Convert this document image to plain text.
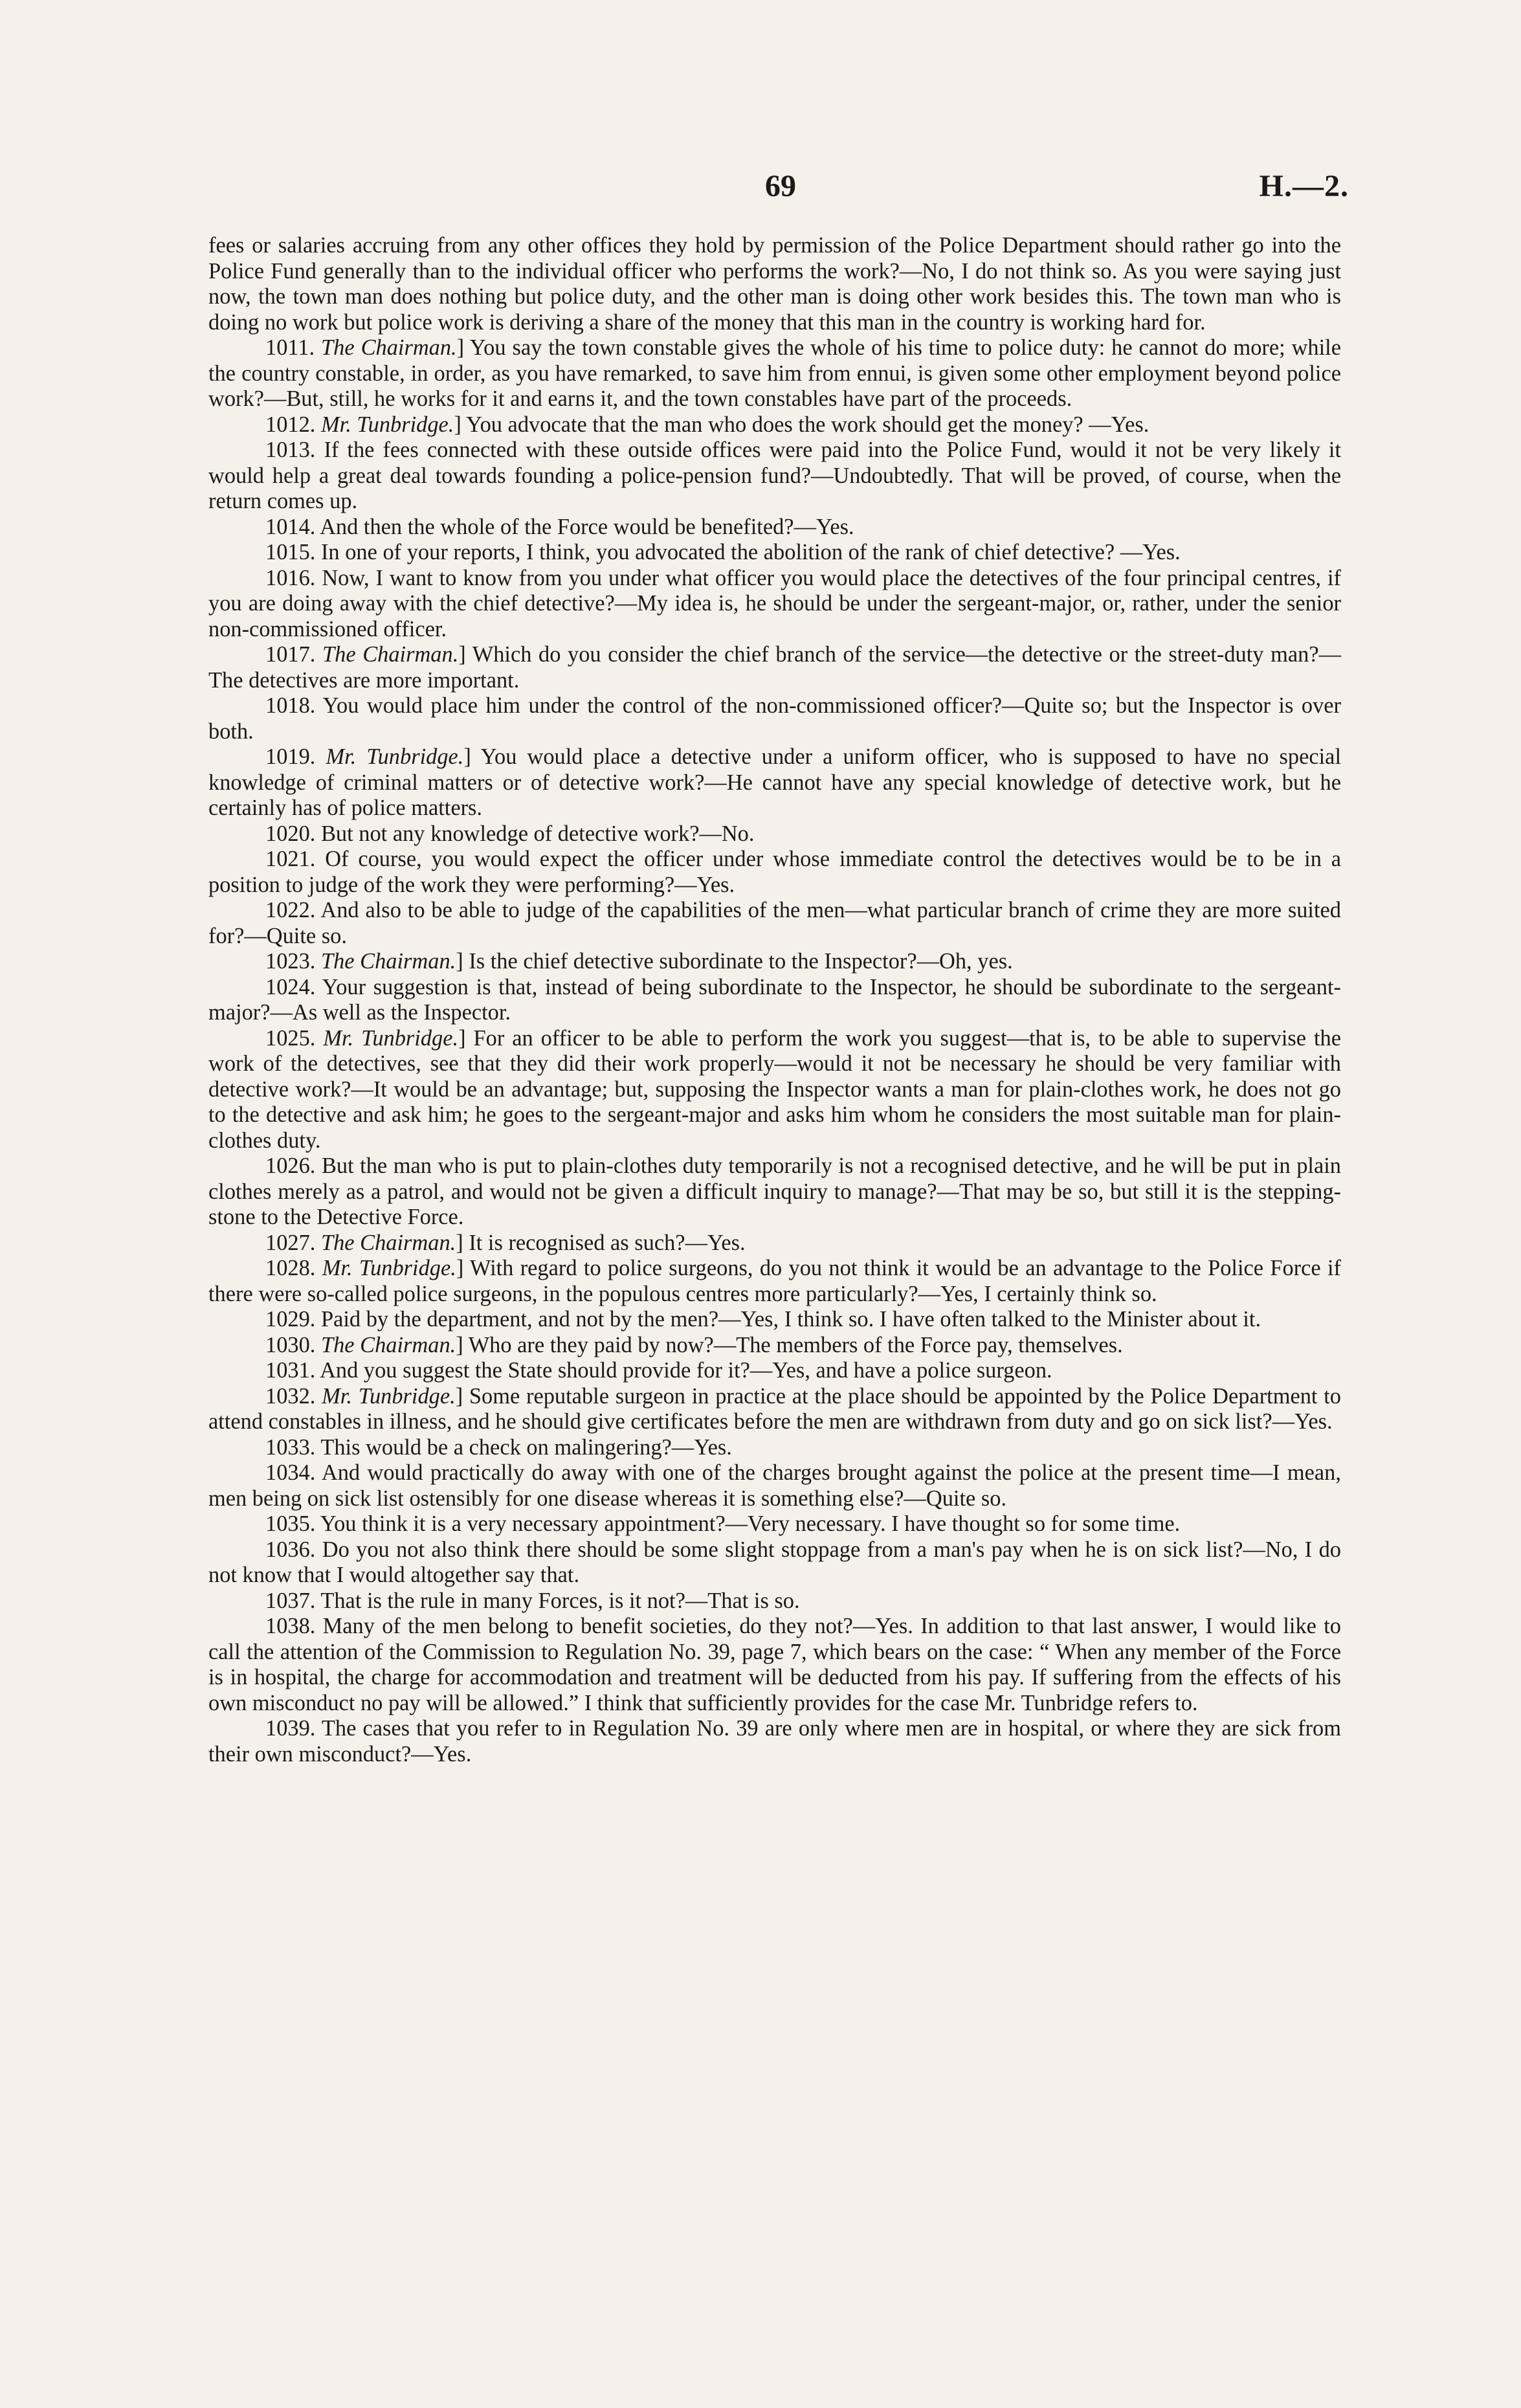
69	H.—2.

fees or salaries accruing from any other offices they hold by permission of the Police Department should rather go into the Police Fund generally than to the individual officer who performs the work?—No, I do not think so. As you were saying just now, the town man does nothing but police duty, and the other man is doing other work besides this. The town man who is doing no work but police work is deriving a share of the money that this man in the country is working hard for.

1011. The Chairman.] You say the town constable gives the whole of his time to police duty: he cannot do more; while the country constable, in order, as you have remarked, to save him from ennui, is given some other employment beyond police work?—But, still, he works for it and earns it, and the town constables have part of the proceeds.

1012. Mr. Tunbridge.] You advocate that the man who does the work should get the money? —Yes.

1013. If the fees connected with these outside offices were paid into the Police Fund, would it not be very likely it would help a great deal towards founding a police-pension fund?—Undoubtedly. That will be proved, of course, when the return comes up.

1014. And then the whole of the Force would be benefited?—Yes.

1015. In one of your reports, I think, you advocated the abolition of the rank of chief detective? —Yes.

1016. Now, I want to know from you under what officer you would place the detectives of the four principal centres, if you are doing away with the chief detective?—My idea is, he should be under the sergeant-major, or, rather, under the senior non-commissioned officer.

1017. The Chairman.] Which do you consider the chief branch of the service—the detective or the street-duty man?—The detectives are more important.

1018. You would place him under the control of the non-commissioned officer?—Quite so; but the Inspector is over both.

1019. Mr. Tunbridge.] You would place a detective under a uniform officer, who is supposed to have no special knowledge of criminal matters or of detective work?—He cannot have any special knowledge of detective work, but he certainly has of police matters.

1020. But not any knowledge of detective work?—No.

1021. Of course, you would expect the officer under whose immediate control the detectives would be to be in a position to judge of the work they were performing?—Yes.

1022. And also to be able to judge of the capabilities of the men—what particular branch of crime they are more suited for?—Quite so.

1023. The Chairman.] Is the chief detective subordinate to the Inspector?—Oh, yes.

1024. Your suggestion is that, instead of being subordinate to the Inspector, he should be subordinate to the sergeant-major?—As well as the Inspector.

1025. Mr. Tunbridge.] For an officer to be able to perform the work you suggest—that is, to be able to supervise the work of the detectives, see that they did their work properly—would it not be necessary he should be very familiar with detective work?—It would be an advantage; but, supposing the Inspector wants a man for plain-clothes work, he does not go to the detective and ask him; he goes to the sergeant-major and asks him whom he considers the most suitable man for plain-clothes duty.

1026. But the man who is put to plain-clothes duty temporarily is not a recognised detective, and he will be put in plain clothes merely as a patrol, and would not be given a difficult inquiry to manage?—That may be so, but still it is the stepping-stone to the Detective Force.

1027. The Chairman.] It is recognised as such?—Yes.

1028. Mr. Tunbridge.] With regard to police surgeons, do you not think it would be an advantage to the Police Force if there were so-called police surgeons, in the populous centres more particularly?—Yes, I certainly think so.

1029. Paid by the department, and not by the men?—Yes, I think so. I have often talked to the Minister about it.

1030. The Chairman.] Who are they paid by now?—The members of the Force pay, themselves.

1031. And you suggest the State should provide for it?—Yes, and have a police surgeon.

1032. Mr. Tunbridge.] Some reputable surgeon in practice at the place should be appointed by the Police Department to attend constables in illness, and he should give certificates before the men are withdrawn from duty and go on sick list?—Yes.

1033. This would be a check on malingering?—Yes.

1034. And would practically do away with one of the charges brought against the police at the present time—I mean, men being on sick list ostensibly for one disease whereas it is something else?—Quite so.

1035. You think it is a very necessary appointment?—Very necessary. I have thought so for some time.

1036. Do you not also think there should be some slight stoppage from a man's pay when he is on sick list?—No, I do not know that I would altogether say that.

1037. That is the rule in many Forces, is it not?—That is so.

1038. Many of the men belong to benefit societies, do they not?—Yes. In addition to that last answer, I would like to call the attention of the Commission to Regulation No. 39, page 7, which bears on the case: “ When any member of the Force is in hospital, the charge for accommodation and treatment will be deducted from his pay. If suffering from the effects of his own misconduct no pay will be allowed.” I think that sufficiently provides for the case Mr. Tunbridge refers to.

1039. The cases that you refer to in Regulation No. 39 are only where men are in hospital, or where they are sick from their own misconduct?—Yes.
